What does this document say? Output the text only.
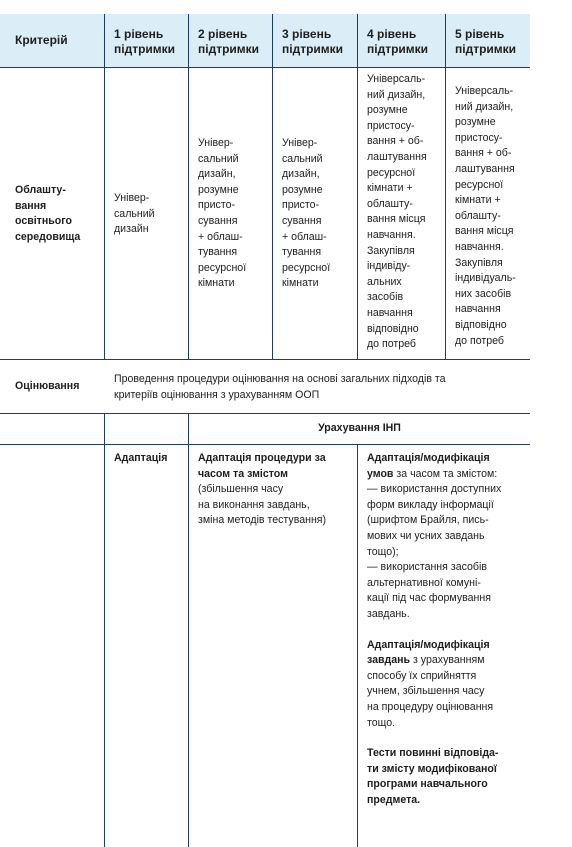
Критерій	1 рівень
підтримки
2 рівень
підтримки
3 рівень
підтримки
4 рівень
підтримки
5 рівень
підтримки
Облашту-
вання
освітнього
середовища
Універ-
сальний
дизайн
Універ-
сальний
дизайн,
розумне
присто-
сування
+ облаш-
тування
ресурсної
кімнати
Універ-
сальний
дизайн,
розумне
присто-
сування
+ облаш-
тування
ресурсної
кімнати
Універсаль-
ний дизайн,
розумне
пристосу-
вання + об-
лаштування
ресурсної
кімнати +
облашту-
вання місця
навчання.
Закупівля
індивіду-
альних
засобів
навчання
відповідно
до потреб
Універсаль-
ний дизайн,
розумне
пристосу-
вання + об-
лаштування
ресурсної
кімнати +
облашту-
вання місця
навчання.
Закупівля
індивідуаль-
них засобів
навчання
відповідно
до потреб
Оцінювання
Проведення процедури оцінювання на основі загальних підходів та
критеріїв оцінювання з урахуванням ООП
Урахування ІНП
Адаптація	Адаптація процедури за
часом та змістом
(збільшення часу
на виконання завдань,
зміна методів тестування)
Адаптація/модифікація
умов за часом та змістом:
— використання доступних
форм викладу інформації
(шрифтом Брайля, пись-
мових чи усних завдань
тощо);
— використання засобів
альтернативної комуні-
кації під час формування
завдань.
Адаптація/модифікація
завдань з урахуванням
способу їх сприйняття
учнем, збільшення часу
на процедуру оцінювання
тощо.
Тести повинні відповіда-
ти змісту модифікованої
програми навчального
предмета.
